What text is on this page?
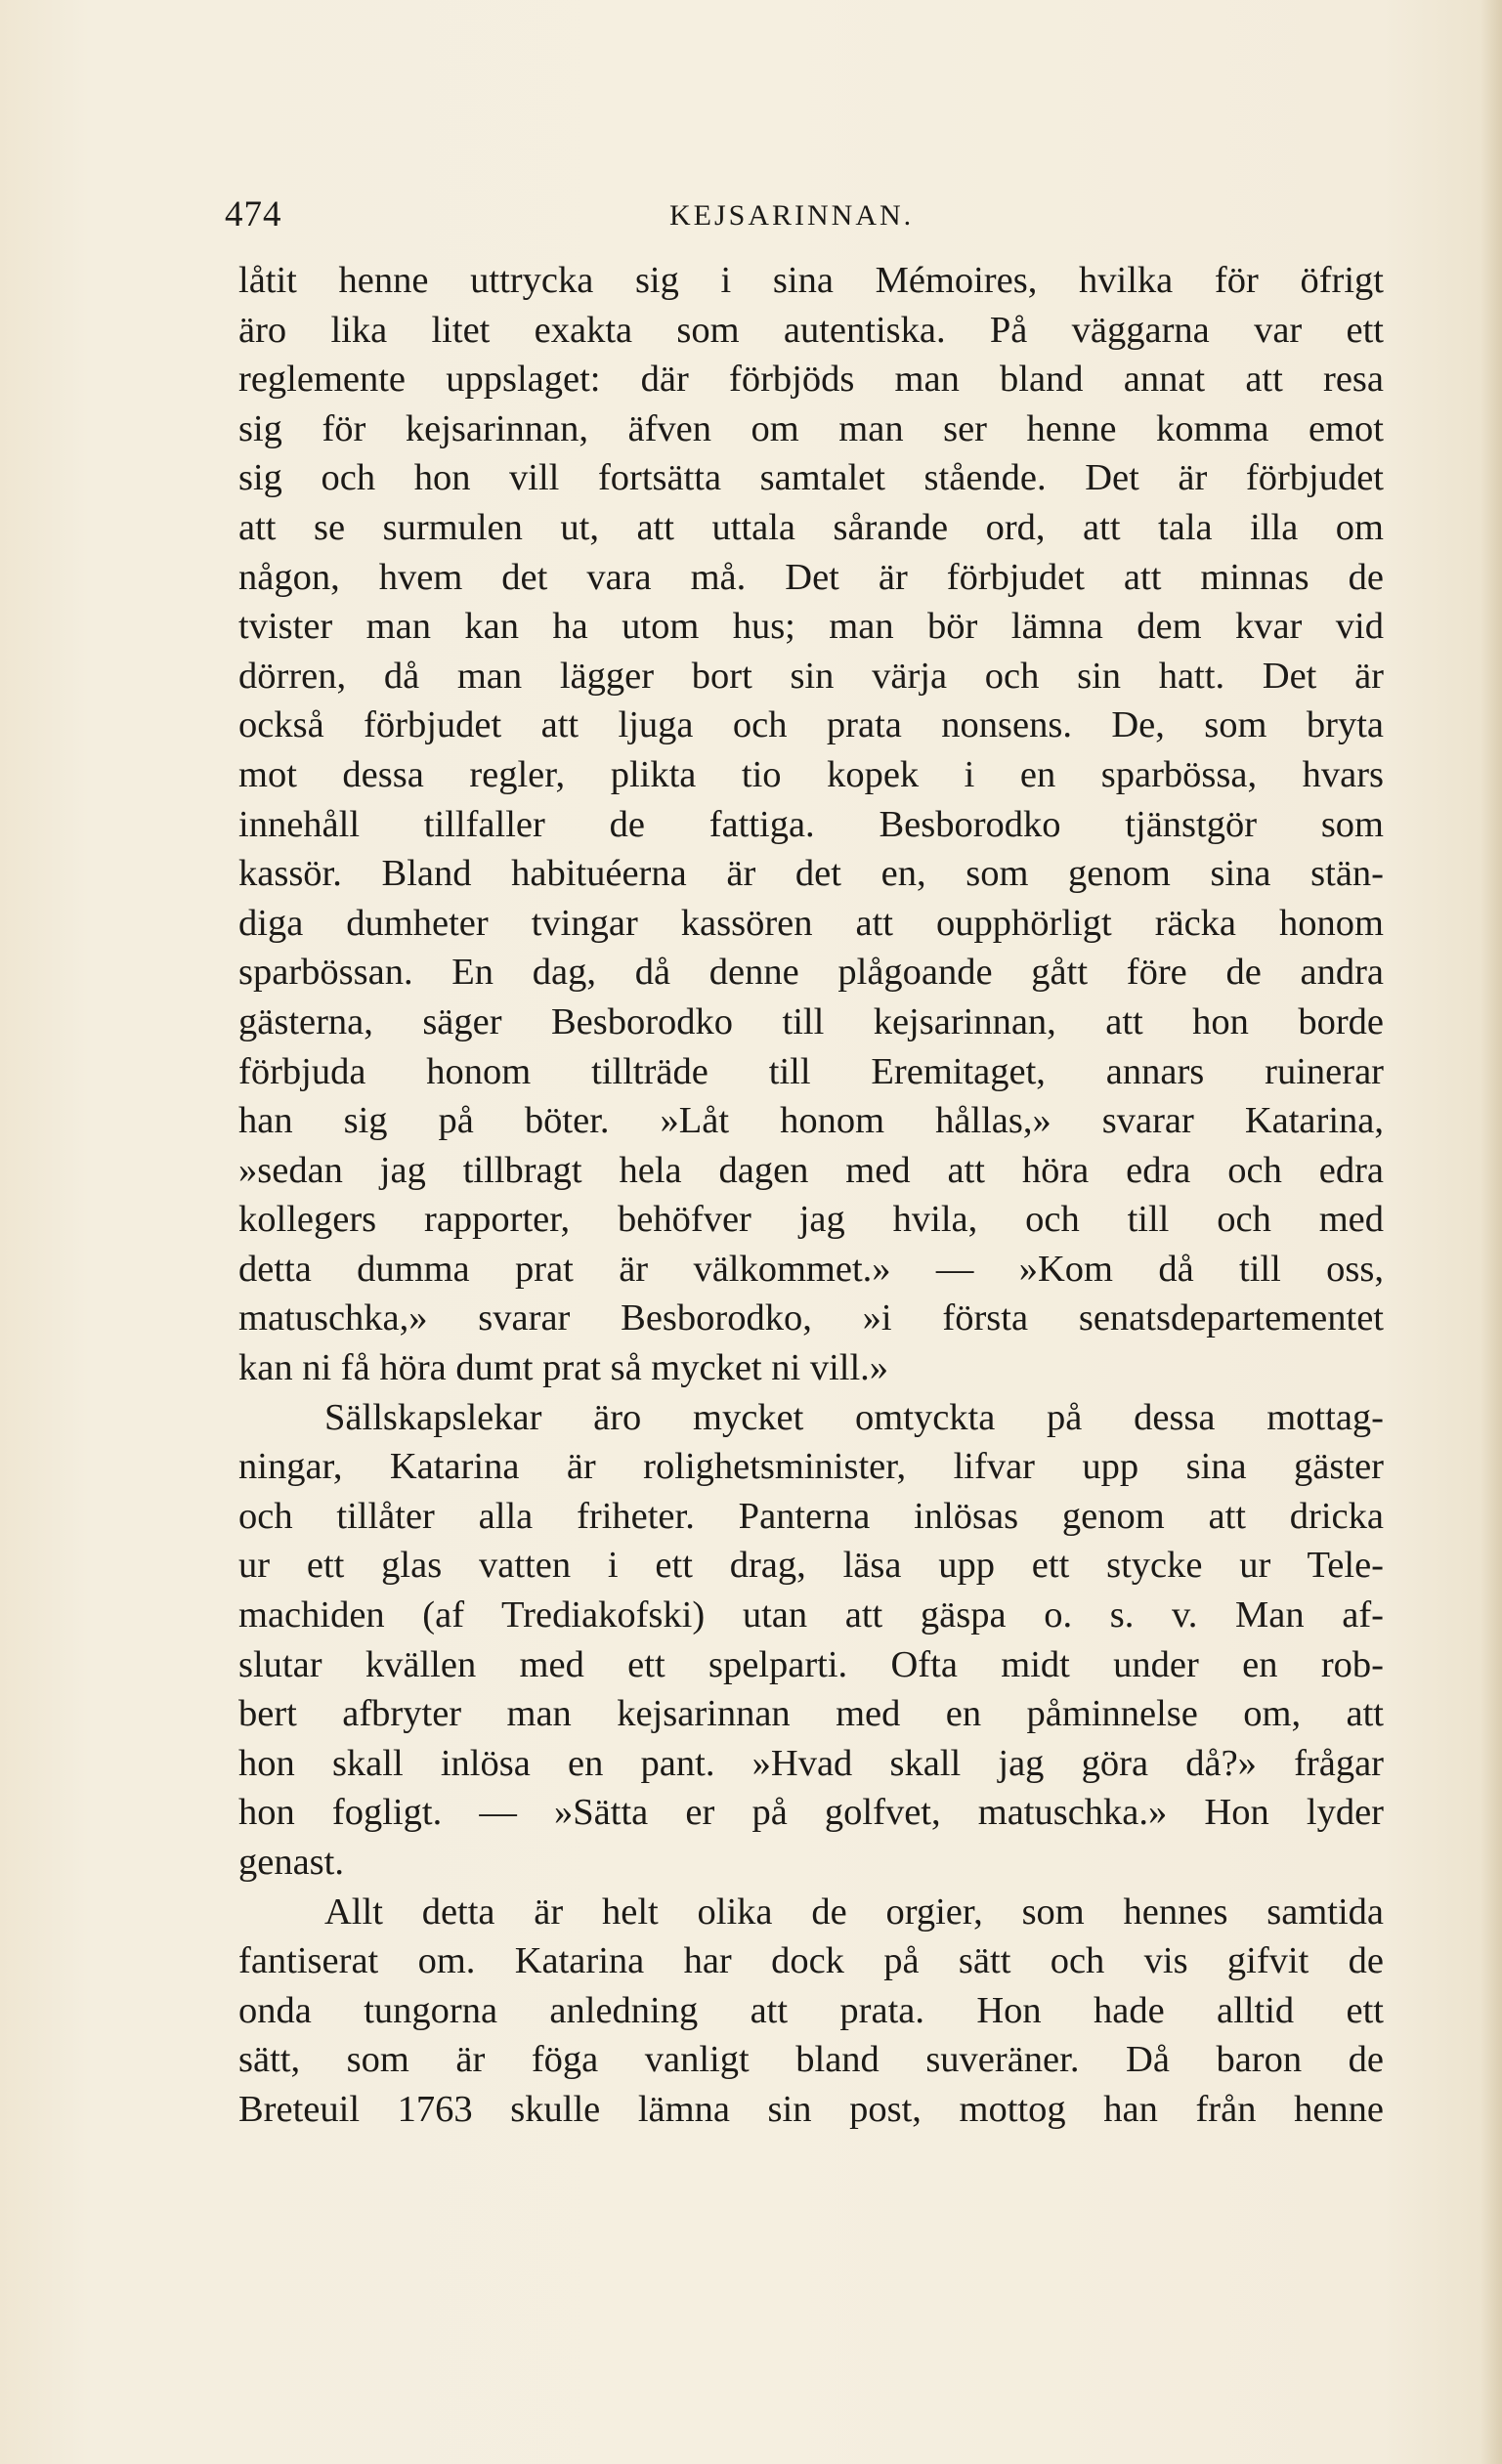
474	KEJSARINNAN.
låtit henne uttrycka sig i sina Mémoires, hvilka för öfrigt
äro lika litet exakta som autentiska. På väggarna var ett
reglemente uppslaget: där förbjöds man bland annat att resa
sig för kejsarinnan, äfven om man ser henne komma emot
sig och hon vill fortsätta samtalet stående. Det är förbjudet
att se surmulen ut, att uttala sårande ord, att tala illa om
någon, hvem det vara må. Det är förbjudet att minnas de
tvister man kan ha utom hus; man bör lämna dem kvar vid
dörren, då man lägger bort sin värja och sin hatt. Det är
också förbjudet att ljuga och prata nonsens. De, som bryta
mot dessa regler, plikta tio kopek i en sparbössa, hvars
innehåll tillfaller de fattiga. Besborodko tjänstgör som
kassör. Bland habituéerna är det en, som genom sina stän-
diga dumheter tvingar kassören att oupphörligt räcka honom
sparbössan. En dag, då denne plågoande gått före de andra
gästerna, säger Besborodko till kejsarinnan, att hon borde
förbjuda honom tillträde till Eremitaget, annars ruinerar
han sig på böter. »Låt honom hållas,» svarar Katarina,
»sedan jag tillbragt hela dagen med att höra edra och edra
kollegers rapporter, behöfver jag hvila, och till och med
detta dumma prat är välkommet.» — »Kom då till oss,
matuschka,» svarar Besborodko, »i första senatsdepartementet
kan ni få höra dumt prat så mycket ni vill.»
Sällskapslekar äro mycket omtyckta på dessa mottag-
ningar, Katarina är rolighetsminister, lifvar upp sina gäster
och tillåter alla friheter. Panterna inlösas genom att dricka
ur ett glas vatten i ett drag, läsa upp ett stycke ur Tele-
machiden (af Trediakofski) utan att gäspa o. s. v. Man af-
slutar kvällen med ett spelparti. Ofta midt under en rob-
bert afbryter man kejsarinnan med en påminnelse om, att
hon skall inlösa en pant. »Hvad skall jag göra då?» frågar
hon fogligt. — »Sätta er på golfvet, matuschka.» Hon lyder
genast.
Allt detta är helt olika de orgier, som hennes samtida
fantiserat om. Katarina har dock på sätt och vis gifvit de
onda tungorna anledning att prata. Hon hade alltid ett
sätt, som är föga vanligt bland suveräner. Då baron de
Breteuil 1763 skulle lämna sin post, mottog han från henne
